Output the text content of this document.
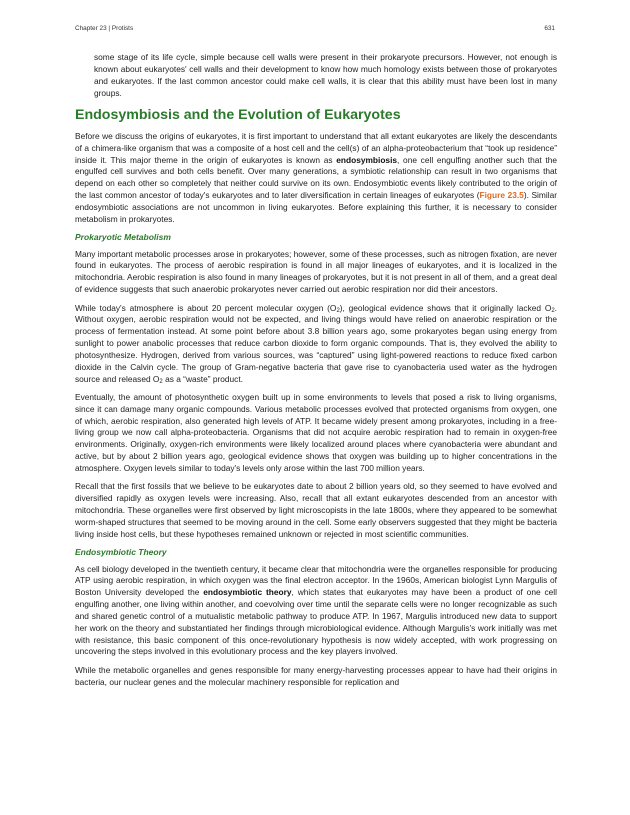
Chapter 23 | Protists	631

some stage of its life cycle, simple because cell walls were present in their prokaryote precursors. However, not enough is known about eukaryotes' cell walls and their development to know how much homology exists between those of prokaryotes and eukaryotes. If the last common ancestor could make cell walls, it is clear that this ability must have been lost in many groups.

Endosymbiosis and the Evolution of Eukaryotes

Before we discuss the origins of eukaryotes, it is first important to understand that all extant eukaryotes are likely the descendants of a chimera-like organism that was a composite of a host cell and the cell(s) of an alpha-proteobacterium that “took up residence” inside it. This major theme in the origin of eukaryotes is known as endosymbiosis, one cell engulfing another such that the engulfed cell survives and both cells benefit. Over many generations, a symbiotic relationship can result in two organisms that depend on each other so completely that neither could survive on its own. Endosymbiotic events likely contributed to the origin of the last common ancestor of today's eukaryotes and to later diversification in certain lineages of eukaryotes (Figure 23.5). Similar endosymbiotic associations are not uncommon in living eukaryotes. Before explaining this further, it is necessary to consider metabolism in prokaryotes.

Prokaryotic Metabolism

Many important metabolic processes arose in prokaryotes; however, some of these processes, such as nitrogen fixation, are never found in eukaryotes. The process of aerobic respiration is found in all major lineages of eukaryotes, and it is localized in the mitochondria. Aerobic respiration is also found in many lineages of prokaryotes, but it is not present in all of them, and a great deal of evidence suggests that such anaerobic prokaryotes never carried out aerobic respiration nor did their ancestors.

While today's atmosphere is about 20 percent molecular oxygen $(O_2)$, geological evidence shows that it originally lacked $O_2$. Without oxygen, aerobic respiration would not be expected, and living things would have relied on anaerobic respiration or the process of fermentation instead. At some point before about 3.8 billion years ago, some prokaryotes began using energy from sunlight to power anabolic processes that reduce carbon dioxide to form organic compounds. That is, they evolved the ability to photosynthesize. Hydrogen, derived from various sources, was “captured” using light-powered reactions to reduce fixed carbon dioxide in the Calvin cycle. The group of Gram-negative bacteria that gave rise to cyanobacteria used water as the hydrogen source and released $O_2$ as a “waste” product.

Eventually, the amount of photosynthetic oxygen built up in some environments to levels that posed a risk to living organisms, since it can damage many organic compounds. Various metabolic processes evolved that protected organisms from oxygen, one of which, aerobic respiration, also generated high levels of ATP. It became widely present among prokaryotes, including in a free-living group we now call alpha-proteobacteria. Organisms that did not acquire aerobic respiration had to remain in oxygen-free environments. Originally, oxygen-rich environments were likely localized around places where cyanobacteria were abundant and active, but by about 2 billion years ago, geological evidence shows that oxygen was building up to higher concentrations in the atmosphere. Oxygen levels similar to today's levels only arose within the last 700 million years.

Recall that the first fossils that we believe to be eukaryotes date to about 2 billion years old, so they seemed to have evolved and diversified rapidly as oxygen levels were increasing. Also, recall that all extant eukaryotes descended from an ancestor with mitochondria. These organelles were first observed by light microscopists in the late 1800s, where they appeared to be somewhat worm-shaped structures that seemed to be moving around in the cell. Some early observers suggested that they might be bacteria living inside host cells, but these hypotheses remained unknown or rejected in most scientific communities.

Endosymbiotic Theory

As cell biology developed in the twentieth century, it became clear that mitochondria were the organelles responsible for producing ATP using aerobic respiration, in which oxygen was the final electron acceptor. In the 1960s, American biologist Lynn Margulis of Boston University developed the endosymbiotic theory, which states that eukaryotes may have been a product of one cell engulfing another, one living within another, and coevolving over time until the separate cells were no longer recognizable as such and shared genetic control of a mutualistic metabolic pathway to produce ATP. In 1967, Margulis introduced new data to support her work on the theory and substantiated her findings through microbiological evidence. Although Margulis's work initially was met with resistance, this basic component of this once-revolutionary hypothesis is now widely accepted, with work progressing on uncovering the steps involved in this evolutionary process and the key players involved.

While the metabolic organelles and genes responsible for many energy-harvesting processes appear to have had their origins in bacteria, our nuclear genes and the molecular machinery responsible for replication and
